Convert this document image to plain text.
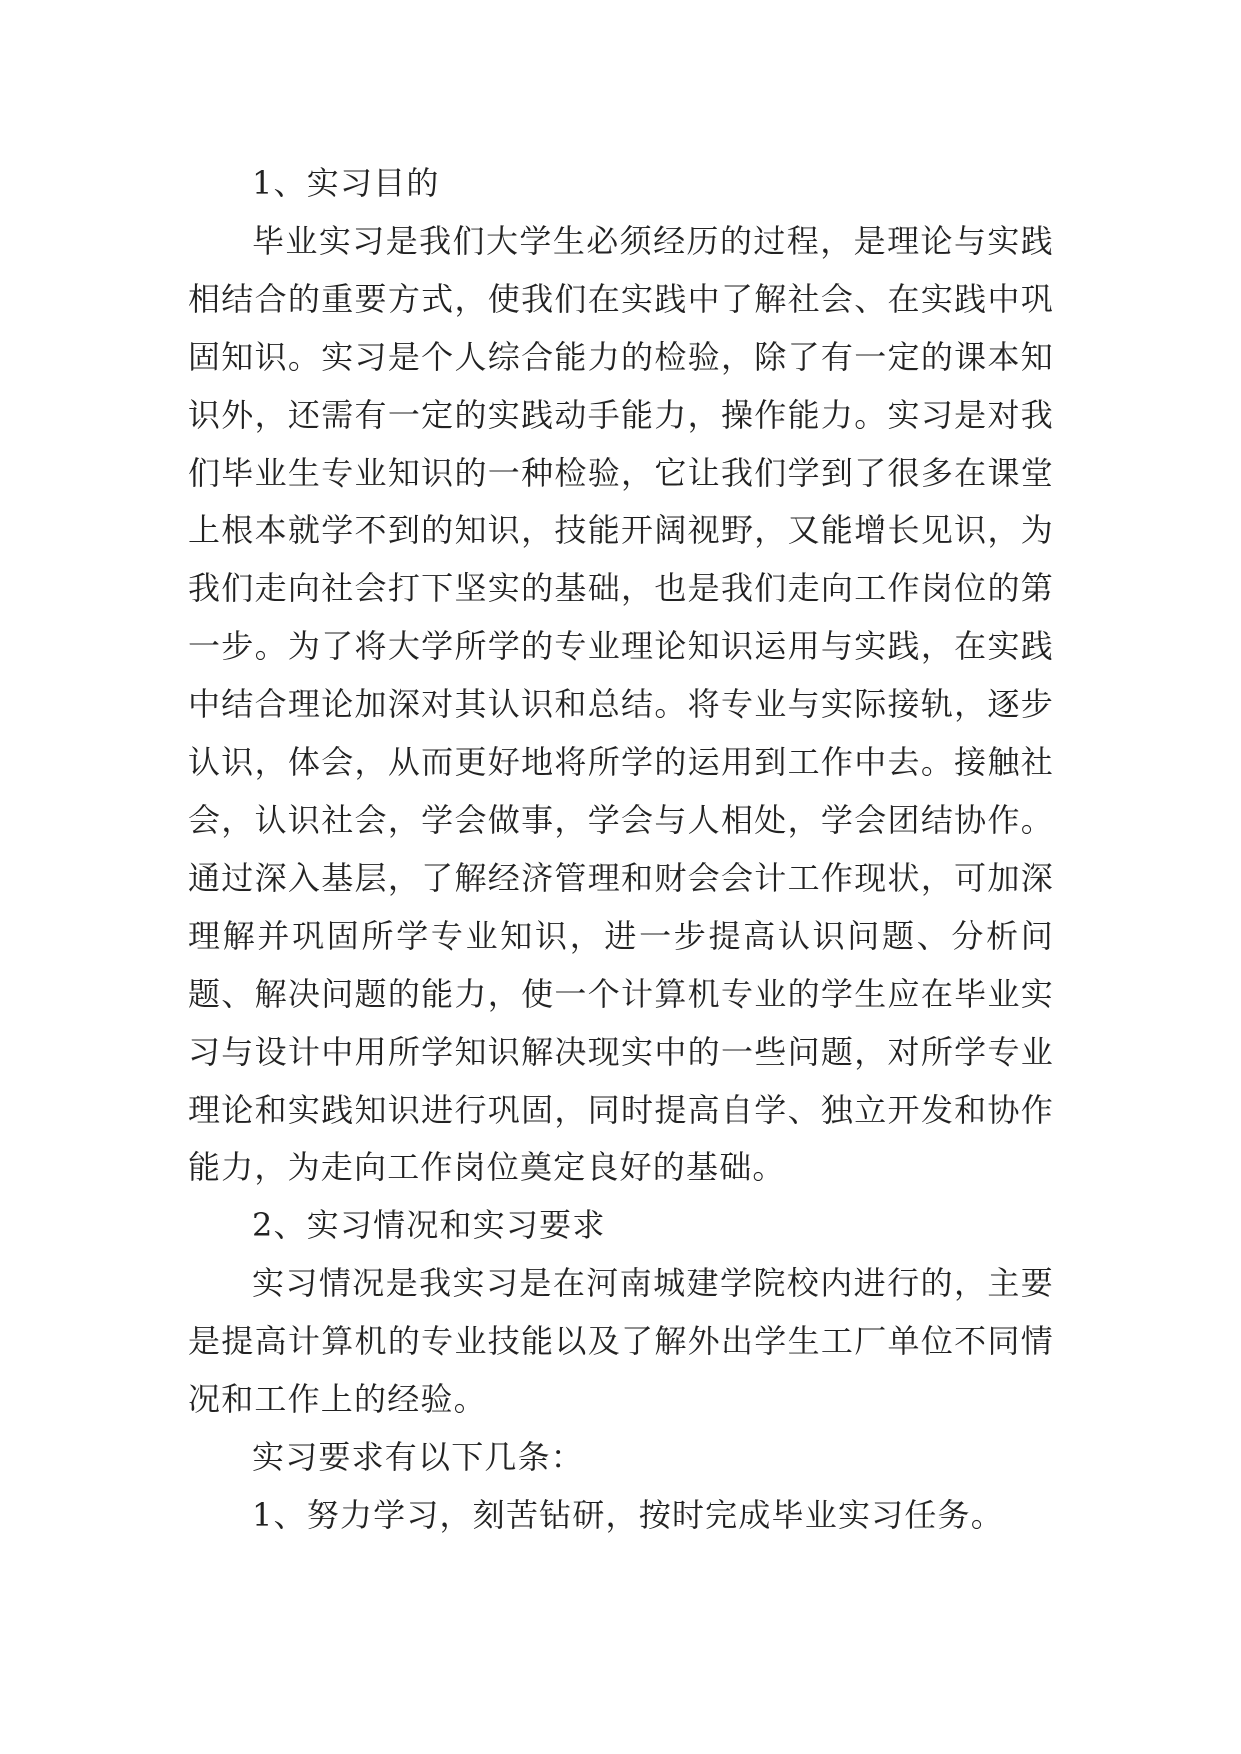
1、实习目的

毕业实习是我们大学生必须经历的过程，是理论与实践相结合的重要方式，使我们在实践中了解社会、在实践中巩固知识。实习是个人综合能力的检验，除了有一定的课本知识外，还需有一定的实践动手能力，操作能力。实习是对我们毕业生专业知识的一种检验，它让我们学到了很多在课堂上根本就学不到的知识，技能开阔视野，又能增长见识，为我们走向社会打下坚实的基础，也是我们走向工作岗位的第一步。为了将大学所学的专业理论知识运用与实践，在实践中结合理论加深对其认识和总结。将专业与实际接轨，逐步认识，体会，从而更好地将所学的运用到工作中去。接触社会，认识社会，学会做事，学会与人相处，学会团结协作。通过深入基层，了解经济管理和财会会计工作现状，可加深理解并巩固所学专业知识，进一步提高认识问题、分析问题、解决问题的能力，使一个计算机专业的学生应在毕业实习与设计中用所学知识解决现实中的一些问题，对所学专业理论和实践知识进行巩固，同时提高自学、独立开发和协作能力，为走向工作岗位奠定良好的基础。

2、实习情况和实习要求

实习情况是我实习是在河南城建学院校内进行的，主要是提高计算机的专业技能以及了解外出学生工厂单位不同情况和工作上的经验。

实习要求有以下几条：

1、努力学习，刻苦钻研，按时完成毕业实习任务。
